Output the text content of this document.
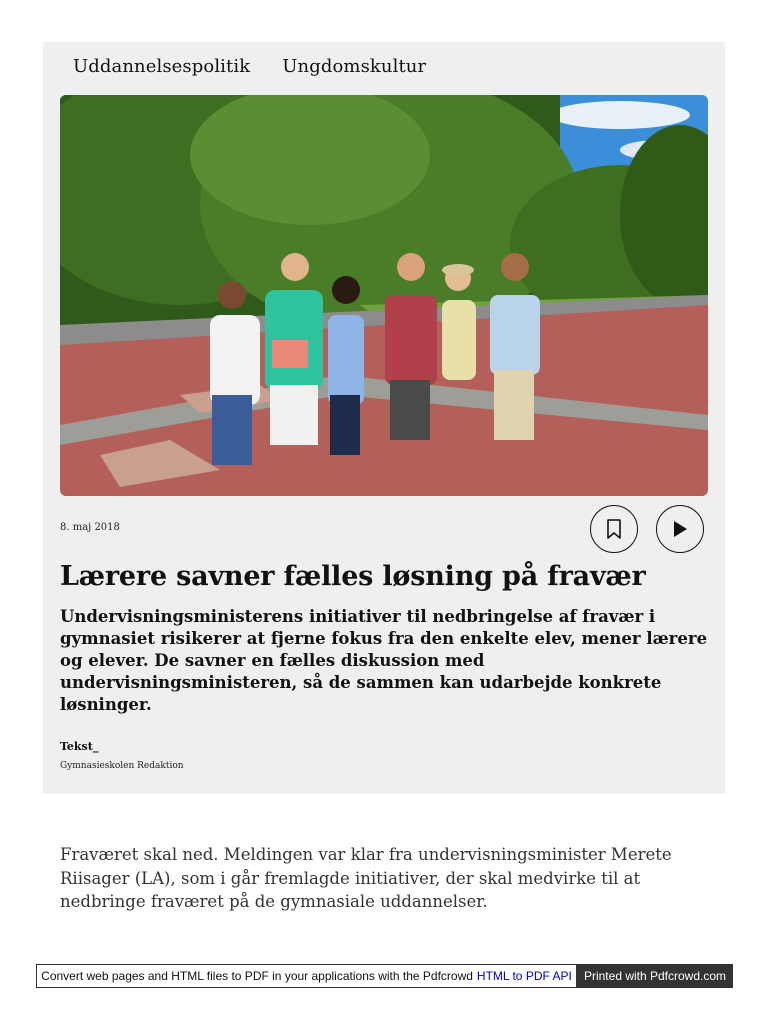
Uddannelsespolitik Ungdomskultur
8. maj 2018
Lærere savner fælles løsning på fravær

Undervisningsministerens initiativer til nedbringelse af fravær i gymnasiet risikerer at fjerne fokus fra den enkelte elev, mener lærere og elever. De savner en fælles diskussion med undervisningsministeren, så de sammen kan udarbejde konkrete løsninger.

Tekst_
Gymnasieskolen Redaktion

Fraværet skal ned. Meldingen var klar fra undervisningsminister Merete Riisager (LA), som i går fremlagde initiativer, der skal medvirke til at nedbringe fraværet på de gymnasiale uddannelser.

Convert web pages and HTML files to PDF in your applications with the Pdfcrowd HTML to PDF API	Printed with Pdfcrowd.com
